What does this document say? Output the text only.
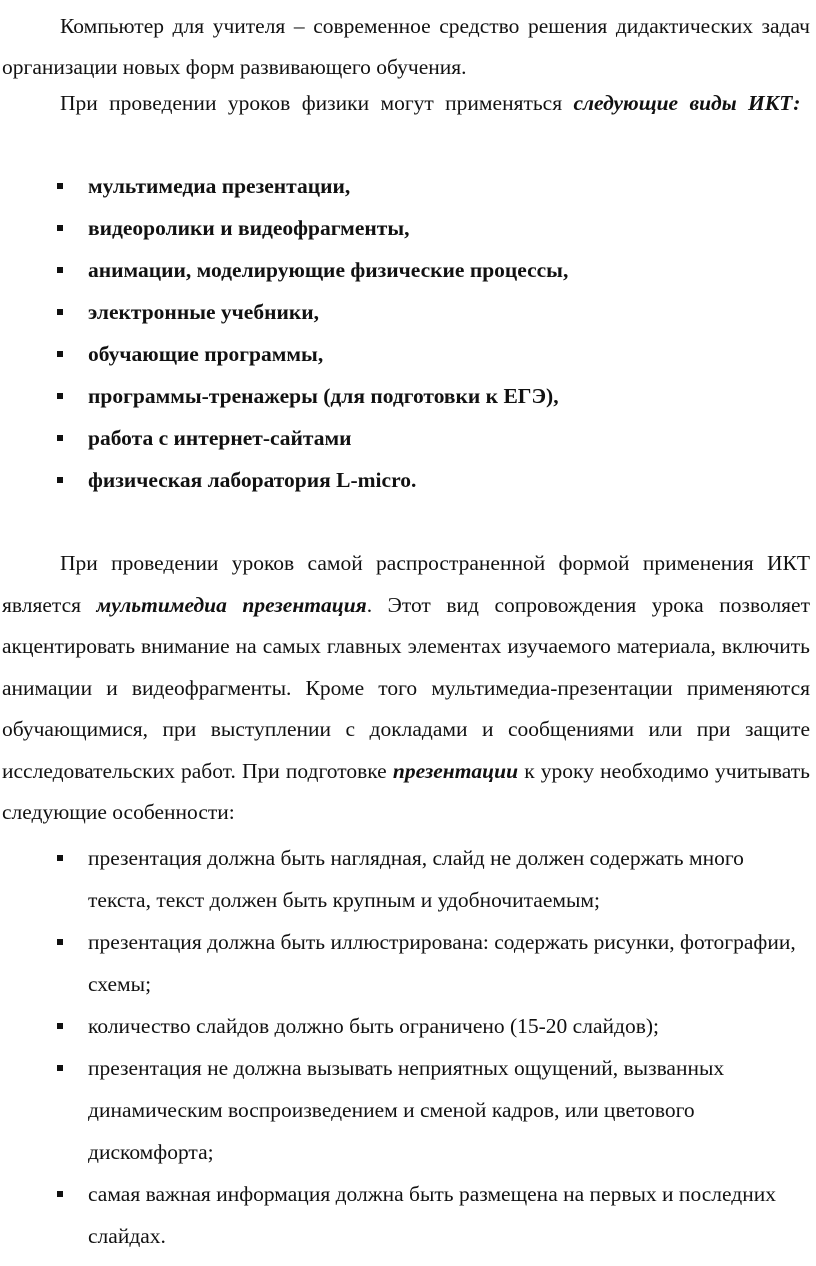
Компьютер для учителя – современное средство решения дидактических задач организации новых форм развивающего обучения.

При проведении уроков физики могут применяться следующие виды ИКТ:

мультимедиа презентации,
видеоролики и видеофрагменты,
анимации, моделирующие физические процессы,
электронные учебники,
обучающие программы,
программы-тренажеры (для подготовки к ЕГЭ),
работа с интернет-сайтами
физическая лаборатория L-micro.

При проведении уроков самой распространенной формой применения ИКТ является мультимедиа презентация. Этот вид сопровождения урока позволяет акцентировать внимание на самых главных элементах изучаемого материала, включить анимации и видеофрагменты. Кроме того мультимедиа-презентации применяются обучающимися, при выступлении с докладами и сообщениями или при защите исследовательских работ. При подготовке презентации к уроку необходимо учитывать следующие особенности:

презентация должна быть наглядная, слайд не должен содержать много текста, текст должен быть крупным и удобночитаемым;
презентация должна быть иллюстрирована: содержать рисунки, фотографии, схемы;
количество слайдов должно быть ограничено (15-20 слайдов);
презентация не должна вызывать неприятных ощущений, вызванных динамическим воспроизведением и сменой кадров, или цветового дискомфорта;
самая важная информация должна быть размещена на первых и последних слайдах.
